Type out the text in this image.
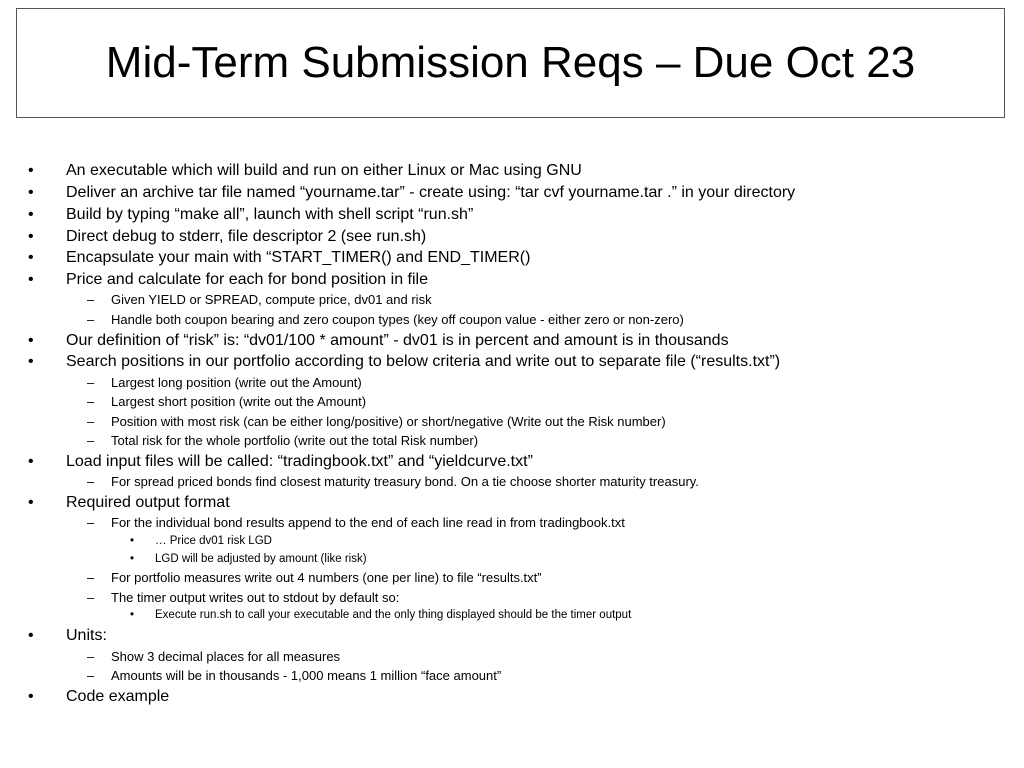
Mid-Term Submission Reqs – Due Oct 23
• An executable which will build and run on either Linux or Mac using GNU
• Deliver an archive tar file named “yourname.tar” - create using: “tar cvf yourname.tar .” in your directory
• Build by typing “make all”, launch with shell script “run.sh”
• Direct debug to stderr, file descriptor 2 (see run.sh)
• Encapsulate your main with “START_TIMER() and END_TIMER()
• Price and calculate for each for bond position in file
– Given YIELD or SPREAD, compute price, dv01 and risk
– Handle both coupon bearing and zero coupon types (key off coupon value - either zero or non-zero)
• Our definition of “risk” is: “dv01/100 * amount” - dv01 is in percent and amount is in thousands
• Search positions in our portfolio according to below criteria and write out to separate file (“results.txt”)
– Largest long position (write out the Amount)
– Largest short position (write out the Amount)
– Position with most risk (can be either long/positive) or short/negative (Write out the Risk number)
– Total risk for the whole portfolio (write out the total Risk number)
• Load input files will be called: “tradingbook.txt” and “yieldcurve.txt”
– For spread priced bonds find closest maturity treasury bond. On a tie choose shorter maturity treasury.
• Required output format
– For the individual bond results append to the end of each line read in from tradingbook.txt
• … Price dv01 risk LGD
• LGD will be adjusted by amount (like risk)
– For portfolio measures write out 4 numbers (one per line) to file “results.txt”
– The timer output writes out to stdout by default so:
• Execute run.sh to call your executable and the only thing displayed should be the timer output
• Units:
– Show 3 decimal places for all measures
– Amounts will be in thousands - 1,000 means 1 million “face amount”
• Code example
